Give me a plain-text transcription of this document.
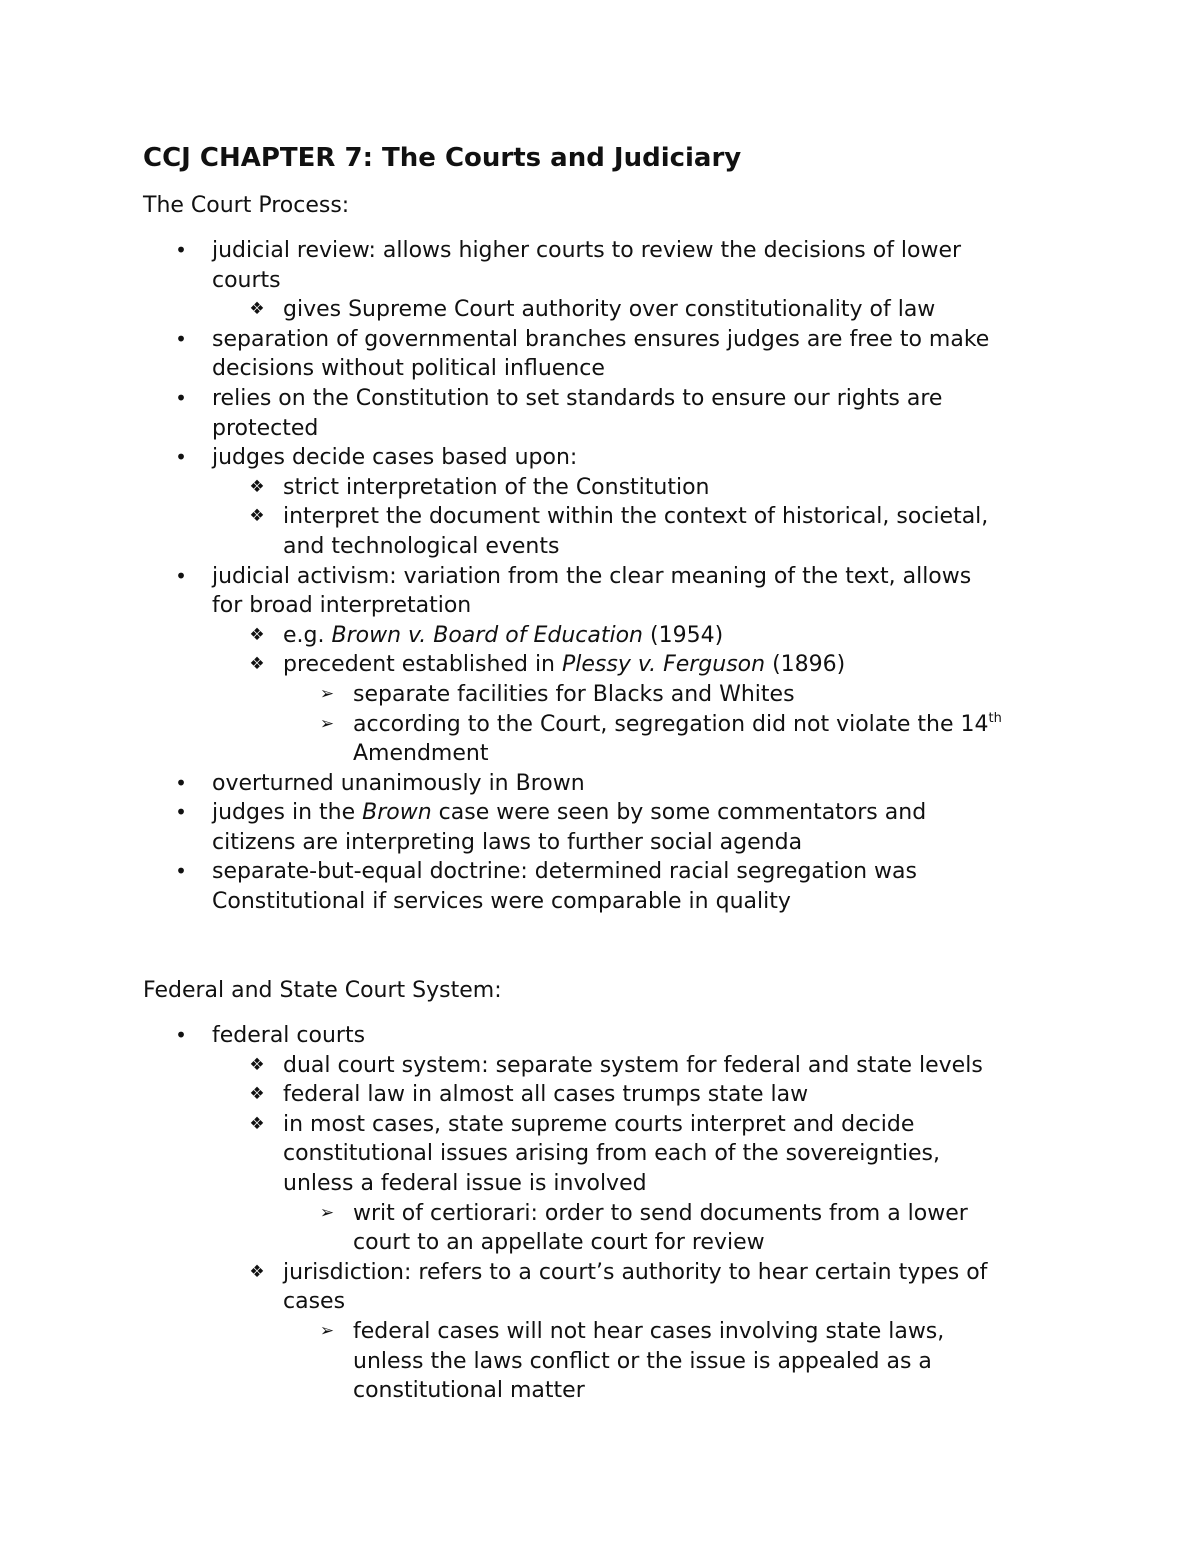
CCJ CHAPTER 7: The Courts and Judiciary
The Court Process:
• judicial review: allows higher courts to review the decisions of lower
courts
❖ gives Supreme Court authority over constitutionality of law
• separation of governmental branches ensures judges are free to make
decisions without political influence
• relies on the Constitution to set standards to ensure our rights are
protected
• judges decide cases based upon:
❖ strict interpretation of the Constitution
❖ interpret the document within the context of historical, societal,
and technological events
• judicial activism: variation from the clear meaning of the text, allows
for broad interpretation
❖ e.g. Brown v. Board of Education (1954)
❖ precedent established in Plessy v. Ferguson (1896)
➢ separate facilities for Blacks and Whites
➢ according to the Court, segregation did not violate the 14th
Amendment
• overturned unanimously in Brown
• judges in the Brown case were seen by some commentators and
citizens are interpreting laws to further social agenda
• separate-but-equal doctrine: determined racial segregation was
Constitutional if services were comparable in quality
Federal and State Court System:
• federal courts
❖ dual court system: separate system for federal and state levels
❖ federal law in almost all cases trumps state law
❖ in most cases, state supreme courts interpret and decide
constitutional issues arising from each of the sovereignties,
unless a federal issue is involved
➢ writ of certiorari: order to send documents from a lower
court to an appellate court for review
❖ jurisdiction: refers to a court’s authority to hear certain types of
cases
➢ federal cases will not hear cases involving state laws,
unless the laws conflict or the issue is appealed as a
constitutional matter
